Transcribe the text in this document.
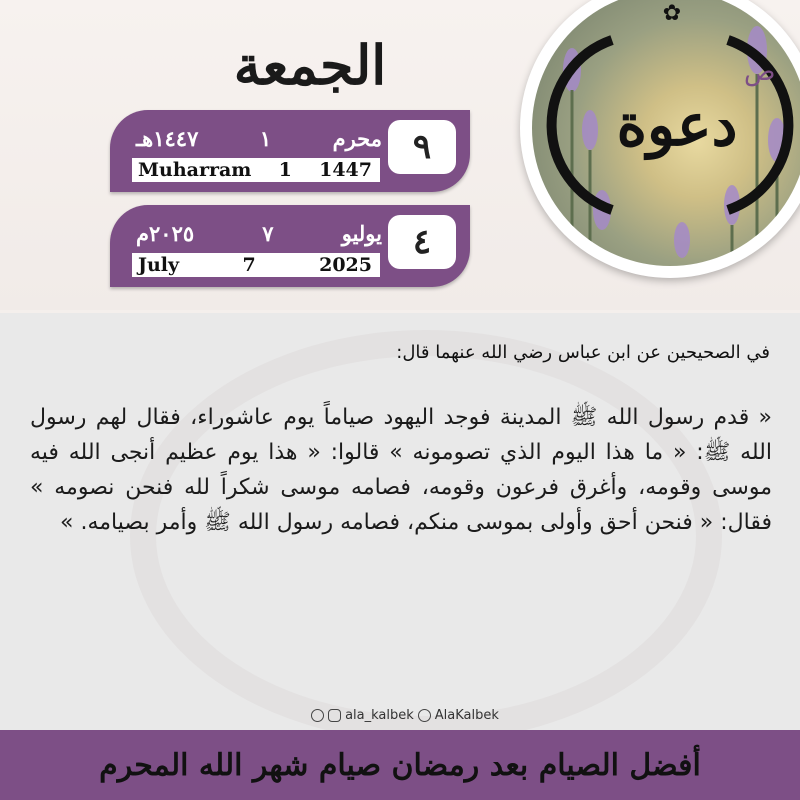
الجمعة
٩
محرم
١
١٤٤٧هـ
Muharram 1 1447
٤
يوليو
٧
٢٠٢٥م
July	7	2025
✿
ص
دعوة
في الصحيحين عن ابن عباس رضي الله عنهما قال:
« قدم رسول الله ﷺ المدينة فوجد اليهود صياماً يوم عاشوراء، فقال لهم رسول الله ﷺ: « ما هذا اليوم الذي تصومونه » قالوا: « هذا يوم عظيم أنجى الله فيه موسى وقومه، وأغرق فرعون وقومه، فصامه موسى شكراً لله فنحن نصومه » فقال: « فنحن أحق وأولى بموسى منكم، فصامه رسول الله ﷺ وأمر بصيامه. »
ala_kalbek AlaKalbek
أفضل الصيام بعد رمضان صيام شهر الله المحرم
